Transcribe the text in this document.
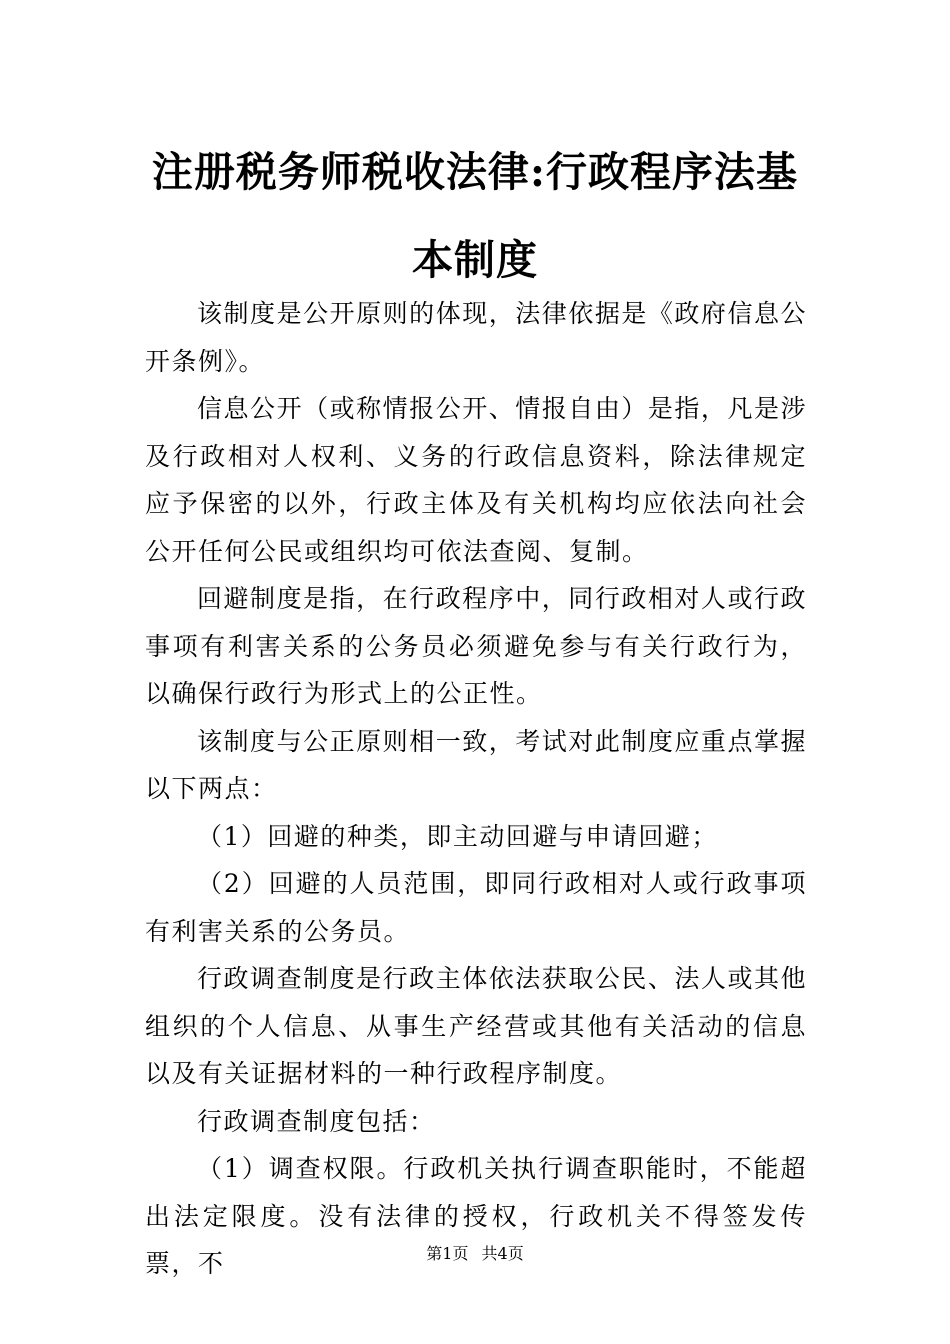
注册税务师税收法律:行政程序法基本制度

该制度是公开原则的体现，法律依据是《政府信息公开条例》。

信息公开（或称情报公开、情报自由）是指，凡是涉及行政相对人权利、义务的行政信息资料，除法律规定应予保密的以外，行政主体及有关机构均应依法向社会公开任何公民或组织均可依法查阅、复制。

回避制度是指，在行政程序中，同行政相对人或行政事项有利害关系的公务员必须避免参与有关行政行为，以确保行政行为形式上的公正性。

该制度与公正原则相一致，考试对此制度应重点掌握以下两点：

（1）回避的种类，即主动回避与申请回避；

（2）回避的人员范围，即同行政相对人或行政事项有利害关系的公务员。

行政调查制度是行政主体依法获取公民、法人或其他组织的个人信息、从事生产经营或其他有关活动的信息以及有关证据材料的一种行政程序制度。

行政调查制度包括：

（1）调查权限。行政机关执行调查职能时，不能超出法定限度。没有法律的授权，行政机关不得签发传票，不	第1页 共4页
